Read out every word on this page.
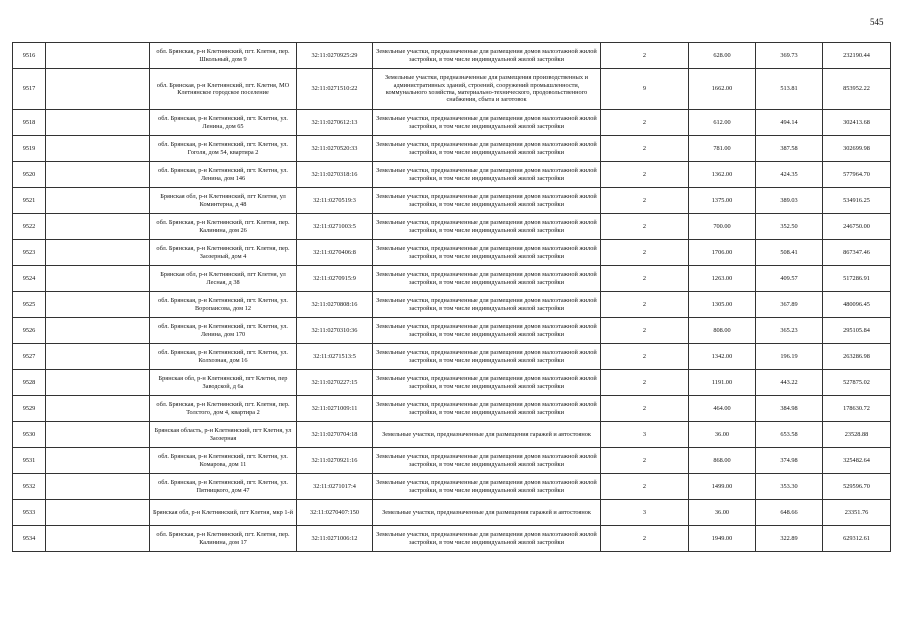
545
9516		обл. Брянская, р-н Клетнянский, пгт. Клетня, пер. Школьный, дом 9	32:11:0270925:29	Земельные участки, предназначенные для размещения домов малоэтажной жилой застройки, в том числе индивидуальной жилой застройки	2	628.00	369.73	232190.44
9517		обл. Брянская, р-н Клетнянский, пгт. Клетня, МО Клетнянское городское поселение	32:11:0271510:22	Земельные участки, предназначенные для размещения производственных и административных зданий, строений, сооружений промышленности, коммунального хозяйства, материально-технического, продовольственного снабжения, сбыта и заготовок	9	1662.00	513.81	853952.22
9518		обл. Брянская, р-н Клетнянский, пгт. Клетня, ул. Ленина, дом 65	32:11:0270612:13	Земельные участки, предназначенные для размещения домов малоэтажной жилой застройки, в том числе индивидуальной жилой застройки	2	612.00	494.14	302413.68
9519		обл. Брянская, р-н Клетнянский, пгт. Клетня, ул. Гоголя, дом 54, квартира 2	32:11:0270520:33	Земельные участки, предназначенные для размещения домов малоэтажной жилой застройки, в том числе индивидуальной жилой застройки	2	781.00	387.58	302699.98
9520		обл. Брянская, р-н Клетнянский, пгт. Клетня, ул. Ленина, дом 146	32:11:0270318:16	Земельные участки, предназначенные для размещения домов малоэтажной жилой застройки, в том числе индивидуальной жилой застройки	2	1362.00	424.35	577964.70
9521		Брянская обл, р-н Клетнянский, пгт Клетня, ул Коминтерна, д 48	32:11:0270519:3	Земельные участки, предназначенные для размещения домов малоэтажной жилой застройки, в том числе индивидуальной жилой застройки	2	1375.00	389.03	534916.25
9522		обл. Брянская, р-н Клетнянский, пгт. Клетня, пер. Калинина, дом 26	32:11:0271003:5	Земельные участки, предназначенные для размещения домов малоэтажной жилой застройки, в том числе индивидуальной жилой застройки	2	700.00	352.50	246750.00
9523		обл. Брянская, р-н Клетнянский, пгт. Клетня, пер. Заозерный, дом 4	32:11:0270406:8	Земельные участки, предназначенные для размещения домов малоэтажной жилой застройки, в том числе индивидуальной жилой застройки	2	1706.00	508.41	867347.46
9524		Брянская обл, р-н Клетнянский, пгт Клетня, ул Лесная, д 38	32:11:0270915:9	Земельные участки, предназначенные для размещения домов малоэтажной жилой застройки, в том числе индивидуальной жилой застройки	2	1263.00	409.57	517286.91
9525		обл. Брянская, р-н Клетнянский, пгт. Клетня, ул. Воропаисова, дом 12	32:11:0270808:16	Земельные участки, предназначенные для размещения домов малоэтажной жилой застройки, в том числе индивидуальной жилой застройки	2	1305.00	367.89	480096.45
9526		обл. Брянская, р-н Клетнянский, пгт. Клетня, ул. Ленина, дом 170	32:11:0270310:36	Земельные участки, предназначенные для размещения домов малоэтажной жилой застройки, в том числе индивидуальной жилой застройки	2	808.00	365.23	295105.84
9527		обл. Брянская, р-н Клетнянский, пгт. Клетня, ул. Колхозная, дом 16	32:11:0271513:5	Земельные участки, предназначенные для размещения домов малоэтажной жилой застройки, в том числе индивидуальной жилой застройки	2	1342.00	196.19	263286.98
9528		Брянская обл, р-н Клетнянский, пгт Клетня, пер Заводской, д 6а	32:11:0270227:15	Земельные участки, предназначенные для размещения домов малоэтажной жилой застройки, в том числе индивидуальной жилой застройки	2	1191.00	443.22	527875.02
9529		обл. Брянская, р-н Клетнянский, пгт. Клетня, пер. Толстого, дом 4, квартира 2	32:11:0271009:11	Земельные участки, предназначенные для размещения домов малоэтажной жилой застройки, в том числе индивидуальной жилой застройки	2	464.00	384.98	178630.72
9530		Брянская область, р-н Клетнянский, пгт Клетня, ул Заозерная	32:11:0270704:18	Земельные участки, предназначенные для размещения гаражей и автостоянок	3	36.00	653.58	23528.88
9531		обл. Брянская, р-н Клетнянский, пгт. Клетня, ул. Комарова, дом 11	32:11:0270921:16	Земельные участки, предназначенные для размещения домов малоэтажной жилой застройки, в том числе индивидуальной жилой застройки	2	868.00	374.98	325482.64
9532		обл. Брянская, р-н Клетнянский, пгт. Клетня, ул. Пятницкого, дом 47	32:11:0271017:4	Земельные участки, предназначенные для размещения домов малоэтажной жилой застройки, в том числе индивидуальной жилой застройки	2	1499.00	353.30	529596.70
9533		Брянская обл, р-н Клетнянский, пгт Клетня, мкр 1-й	32:11:0270407:150	Земельные участки, предназначенные для размещения гаражей и автостоянок	3	36.00	648.66	23351.76
9534		обл. Брянская, р-н Клетнянский, пгт. Клетня, пер. Калинина, дом 17	32:11:0271006:12	Земельные участки, предназначенные для размещения домов малоэтажной жилой застройки, в том числе индивидуальной жилой застройки	2	1949.00	322.89	629312.61
